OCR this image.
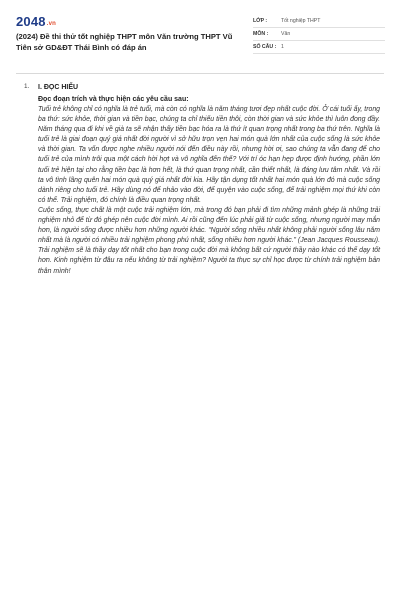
2048.vn
(2024) Đề thi thử tốt nghiệp THPT môn Văn trường THPT Vũ Tiên sở GD&ĐT Thái Bình có đáp án
LỚP :	Tốt nghiệp THPT
MÔN :	Văn
SỐ CÂU : 1
1. I. ĐỌC HIỂU
Đọc đoạn trích và thực hiện các yêu cầu sau:

Tuổi trẻ không chỉ có nghĩa là trẻ tuổi, mà còn có nghĩa là năm tháng tươi đẹp nhất cuộc đời. Ở cái tuổi ấy, trong ba thứ: sức khỏe, thời gian và tiền bạc, chúng ta chỉ thiếu tiền thôi, còn thời gian và sức khỏe thì luôn đong đầy. Năm tháng qua đi khi về già ta sẽ nhận thấy tiền bạc hóa ra là thứ ít quan trọng nhất trong ba thứ trên. Nghĩa là tuổi trẻ là giai đoạn quý giá nhất đời người vì sở hữu trọn vẹn hai món quà lớn nhất của cuộc sống là sức khỏe và thời gian. Ta vốn được nghe nhiều người nói đến điều này rồi, nhưng hời ơi, sao chúng ta vẫn đang để cho tuổi trẻ của mình trôi qua một cách hời hợt và vô nghĩa đến thế? Với trí óc hạn hẹp được định hướng, phần lớn tuổi trẻ hiện tại cho rằng tiền bạc là hơn hết, là thứ quan trọng nhất, cần thiết nhất, là đáng lưu tâm nhất. Và rồi ta vô tình lãng quên hai món quà quý giá nhất đời kia. Hãy tận dụng tốt nhất hai món quà lớn đó mà cuộc sống dành riêng cho tuổi trẻ. Hãy dùng nó để nhảo vào đời, để quyện vào cuộc sống, để trải nghiệm mọi thứ khi còn có thể. Trải nghiệm, đó chính là điều quan trọng nhất.

Cuộc sống, thực chất là một cuộc trải nghiệm lớn, mà trong đó bạn phải đi tìm những mảnh ghép là những trải nghiệm nhỏ để từ đó ghép nên cuộc đời mình. Ai rồi cũng đến lúc phải giã từ cuộc sống, nhưng người may mắn hơn, là người sống được nhiều hơn những người khác. “Người sống nhiều nhất không phải người sống lâu năm nhất mà là người có nhiều trải nghiệm phong phú nhất, sống nhiều hơn người khác.” (Jean Jacques Rousseau). Trải nghiệm sẽ là thầy dạy tốt nhất cho bạn trong cuộc đời mà không bất cứ người thầy nào khác có thể dạy tốt hơn. Kinh nghiệm từ đâu ra nếu không từ trải nghiệm? Người ta thực sự chỉ học được từ chính trải nghiệm bản thân mình!
